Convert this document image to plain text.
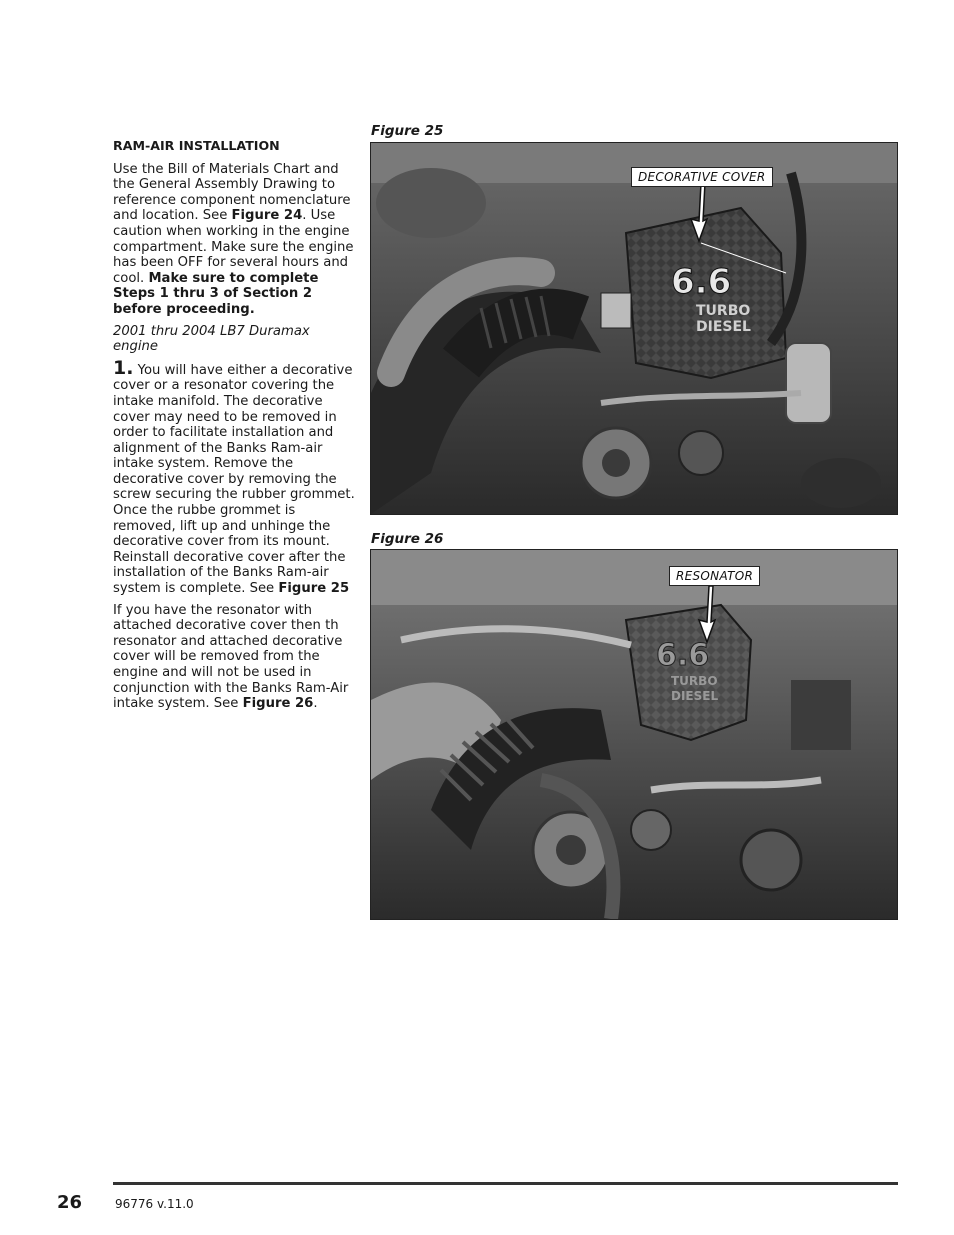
RAM-AIR INSTALLATION

Use the Bill of Materials Chart and the General Assembly Drawing to reference component nomenclature and location. See Figure 24. Use caution when working in the engine compartment. Make sure the engine has been OFF for several hours and cool. Make sure to complete Steps 1 thru 3 of Section 2 before proceeding.

2001 thru 2004 LB7 Duramax engine

1. You will have either a decorative cover or a resonator covering the intake manifold. The decorative cover may need to be removed in order to facilitate installation and alignment of the Banks Ram-air intake system. Remove the decorative cover by removing the screw securing the rubber grommet. Once the rubbe grommet is removed, lift up and unhinge the decorative cover from its mount. Reinstall decorative cover after the installation of the Banks Ram-air system is complete. See Figure 25

If you have the resonator with attached decorative cover then th resonator and attached decorative cover will be removed from the engine and will not be used in conjunction with the Banks Ram-Air intake system. See Figure 26.

Figure 25
6.6
TURBO
DIESEL
DECORATIVE COVER
Figure 26
6.6
TURBO
DIESEL
RESONATOR
26	96776 v.11.0
